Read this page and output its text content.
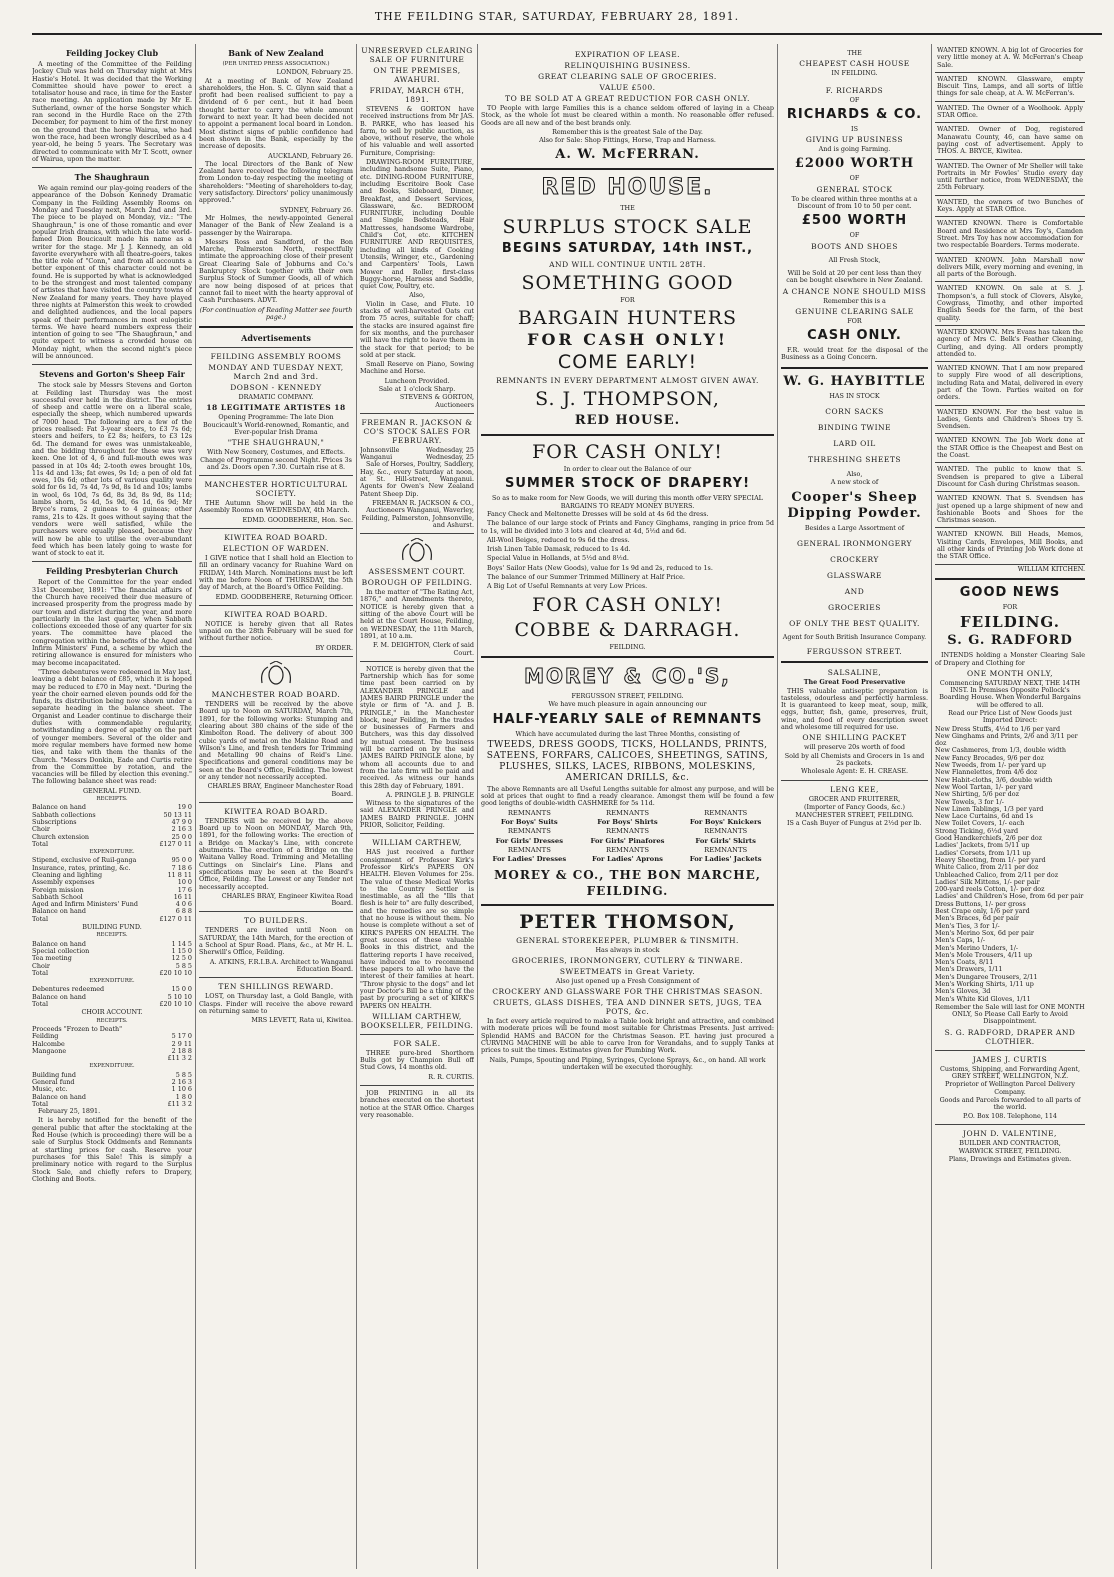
THE FEILDING STAR, SATURDAY, FEBRUARY 28, 1891.
Feilding Jockey Club
A meeting of the Committee of the Feilding Jockey Club was held on Thursday night at Mrs Hastie's Hotel. It was decided that the Working Committee should have power to erect a totalisator house and race, in time for the Easter race meeting. An application made by Mr E. Sutherland, owner of the horse Songster which ran second in the Hurdle Race on the 27th December, for payment to him of the first money on the ground that the horse Wairua, who had won the race, had been wrongly described as a 4 year-old, he being 5 years. The Secretary was directed to communicate with Mr T. Scott, owner of Wairua, upon the matter.
The Shaughraun
We again remind our play-going readers of the appearance of the Dobson Kennedy Dramatic Company in the Feilding Assembly Rooms on Monday and Tuesday next, March 2nd and 3rd. The piece to be played on Monday, viz.: "The Shaughraun," is one of those romantic and ever popular Irish dramas, with which the late world-famed Dion Boucicault made his name as a writer for the stage. Mr J. J. Kennedy, an old favorite everywhere with all theatre-goers, takes the title role of "Conn," and from all accounts a better exponent of this character could not be found. He is supported by what is acknowledged to be the strongest and most talented company of artistes that have visited the country towns of New Zealand for many years. They have played three nights at Palmerston this week to crowded and delighted audiences, and the local papers speak of their performances in most eulogistic terms. We have heard numbers express their intention of going to see "The Shaughraun," and quite expect to witness a crowded house on Monday night, when the second night's piece will be announced.
Stevens and Gorton's Sheep Fair
The stock sale by Messrs Stevens and Gorton at Feilding last Thursday was the most successful ever held in the district. The entries of sheep and cattle were on a liberal scale, especially the sheep, which numbered upwards of 7000 head. The following are a few of the prices realised: Fat 3-year steers, to £3 7s 6d; steers and heifers, to £2 8s; heifers, to £3 12s 6d. The demand for ewes was unmistakeable, and the bidding throughout for these was very keen. One lot of 4, 6 and full-mouth ewes was passed in at 10s 4d; 2-tooth ewes brought 10s, 11s 4d and 13s; fat ewes, 9s 1d; a pen of old fat ewes, 10s 6d; other lots of various quality were sold for 6s 1d, 7s 4d, 7s 9d, 8s 1d and 10s; lambs in wool, 6s 10d, 7s 6d, 8s 3d, 8s 9d, 8s 11d; lambs shorn, 5s 4d, 5s 9d, 6s 1d, 6s 9d; Mr Bryce's rams, 2 guineas to 4 guineas; other rams, 21s to 42s. It goes without saying that the vendors were well satisfied, while the purchasers were equally pleased, because they will now be able to utilise the over-abundant feed which has been lately going to waste for want of stock to eat it.
Feilding Presbyterian Church
Report of the Committee for the year ended 31st December, 1891: "The financial affairs of the Church have received their due measure of increased prosperity from the progress made by our town and district during the year, and more particularly in the last quarter, when Sabbath collections exceeded those of any quarter for six years. The committee have placed the congregation within the benefits of the Aged and Infirm Ministers' Fund, a scheme by which the retiring allowance is ensured for ministers who may become incapacitated.
"Three debentures were redeemed in May last, leaving a debt balance of £85, which it is hoped may be reduced to £70 in May next. "During the year the choir earned eleven pounds odd for the funds, its distribution being now shown under a separate heading in the balance sheet. The Organist and Leader continue to discharge their duties with commendable regularity, notwithstanding a degree of apathy on the part of younger members. Several of the older and more regular members have formed new home ties, and take with them the thanks of the Church. "Messrs Donkin, Eade and Curtis retire from the Committee by rotation, and the vacancies will be filled by election this evening." The following balance sheet was read:
GENERAL FUND.
RECEIPTS.
Balance on hand	19 0
Sabbath collections	50 13 11
Subscriptions	47 9 0
Choir	2 16 3
Church extension	25 0 0
Total	£127 0 11
EXPENDITURE.
Stipend, exclusive of Ruil-ganga	95 0 0
Insurance, rates, printing, &c.	7 18 6
Cleaning and lighting	11 8 11
Assembly expenses	10 0
Foreign mission	17 6
Sabbath School	16 11
Aged and Infirm Ministers' Fund	4 0 6
Balance on hand	6 8 8
Total	£127 0 11
BUILDING FUND.
RECEIPTS.
Balance on hand	1 14 5
Special collection	1 15 0
Tea meeting	12 5 0
Choir	5 8 5
Total	£20 10 10
EXPENDITURE.
Debentures redeemed	15 0 0
Balance on hand	5 10 10
Total	£20 10 10
CHOIR ACCOUNT.
RECEIPTS.
Proceeds "Frozen to Death"
Feilding	5 17 0
Halcombe	2 9 11
Mangaone	2 18 8
£11 3 2
EXPENDITURE.
Building fund	5 8 5
General fund	2 16 3
Music, etc.	1 10 6
Balance on hand	1 8 0
Total	£11 3 2
February 25, 1891.
It is hereby notified for the benefit of the general public that after the stocktaking at the Red House (which is proceeding) there will be a sale of Surplus Stock Oddments and Remnants at startling prices for cash. Reserve your purchases for this Sale! This is simply a preliminary notice with regard to the Surplus Stock Sale, and chiefly refers to Drapery, Clothing and Boots.
Bank of New Zealand
(PER UNITED PRESS ASSOCIATION.)
LONDON, February 25.
At a meeting of Bank of New Zealand shareholders, the Hon. S. C. Glynn said that a profit had been realised sufficient to pay a dividend of 6 per cent., but it had been thought better to carry the whole amount forward to next year. It had been decided not to appoint a permanent local board in London. Most distinct signs of public confidence had been shown in the Bank, especially by the increase of deposits.
AUCKLAND, February 26.
The local Directors of the Bank of New Zealand have received the following telegram from London to-day respecting the meeting of shareholders: "Meeting of shareholders to-day, very satisfactory. Directors' policy unanimously approved."
SYDNEY, February 26.
Mr Holmes, the newly-appointed General Manager of the Bank of New Zealand is a passenger by the Wairarapa.
Messrs Ross and Sandford, of the Bon Marche, Palmerston North, respectfully intimate the approaching close of their present Great Clearing Sale of Jobburns and Co.'s Bankruptcy Stock together with their own Surplus Stock of Summer Goods, all of which are now being disposed of at prices that cannot fail to meet with the hearty approval of Cash Purchasers. ADVT.
(For continuation of Reading Matter see fourth page.)
Advertisements
FEILDING ASSEMBLY ROOMS
MONDAY AND TUESDAY NEXT, March 2nd and 3rd.
DOBSON - KENNEDY
DRAMATIC COMPANY.
18 LEGITIMATE ARTISTES 18
Opening Programme: The late Dion Boucicault's World-renowned, Romantic, and Ever-popular Irish Drama
"THE SHAUGHRAUN,"
With New Scenery, Costumes, and Effects. Change of Programme second Night. Prices 3s and 2s. Doors open 7.30. Curtain rise at 8.
MANCHESTER HORTICULTURAL SOCIETY.
THE Autumn Show will be held in the Assembly Rooms on WEDNESDAY, 4th March.
EDMD. GOODBEHERE, Hon. Sec.
KIWITEA ROAD BOARD.
ELECTION OF WARDEN.
I GIVE notice that I shall hold an Election to fill an ordinary vacancy for Ruahine Ward on FRIDAY, 14th March. Nominations must be left with me before Noon of THURSDAY, the 5th day of March, at the Board's Office Feilding.
EDMD. GOODBEHERE, Returning Officer.
KIWITEA ROAD BOARD.
NOTICE is hereby given that all Rates unpaid on the 28th February will be sued for without further notice.
BY ORDER.
MANCHESTER ROAD BOARD.
TENDERS will be received by the above Board up to Noon on SATURDAY, March 7th, 1891, for the following works: Stumping and clearing about 380 chains of the side of the Kimbolton Road. The delivery of about 300 cubic yards of metal on the Makino Road and Wilson's Line, and fresh tenders for Trimming and Metalling 90 chains of Reid's Line. Specifications and general conditions may be seen at the Board's Office, Feilding. The lowest or any tender not necessarily accepted.
CHARLES BRAY, Engineer Manchester Road Board.
KIWITEA ROAD BOARD.
TENDERS will be received by the above Board up to Noon on MONDAY, March 9th, 1891, for the following works: The erection of a Bridge on Mackay's Line, with concrete abutments. The erection of a Bridge on the Waitana Valley Road. Trimming and Metalling Cuttings on Sinclair's Line. Plans and specifications may be seen at the Board's Office, Feilding. The Lowest or any Tender not necessarily accepted.
CHARLES BRAY, Engineer Kiwitea Road Board.
TO BUILDERS.
TENDERS are invited until Noon on SATURDAY, the 14th March, for the erection of a School at Spur Road. Plans, &c., at Mr H. L. Sherwill's Office, Feilding.
A. ATKINS, F.R.I.B.A. Architect to Wanganui Education Board.
TEN SHILLINGS REWARD.
LOST, on Thursday last, a Gold Bangle, with Clasps. Finder will receive the above reward on returning same to
MRS LEVETT, Rata ui, Kiwitea.
UNRESERVED CLEARING SALE OF FURNITURE
ON THE PREMISES, AWAHURI.
FRIDAY, MARCH 6TH, 1891.
STEVENS & GORTON have received instructions from Mr JAS. B. PARKE, who has leased his farm, to sell by public auction, as above, without reserve, the whole of his valuable and well assorted Furniture, Comprising:
DRAWING-ROOM FURNITURE, including handsome Suite, Piano, etc. DINING-ROOM FURNITURE, including Escritoire Book Case and Books, Sideboard, Dinner, Breakfast, and Dessert Services, Glassware, &c. BEDROOM FURNITURE, including Double and Single Bedsteads, Hair Mattresses, handsome Wardrobe, Child's Cot, etc. KITCHEN FURNITURE AND REQUISITES, including all kinds of Cooking Utensils, Wringer, etc., Gardening and Carpenters' Tools, Lawn Mower and Roller, first-class Buggy-horse, Harness and Saddle, quiet Cow, Poultry, etc.
Also,
Violin in Case, and Flute. 10 stacks of well-harvested Oats cut from 75 acres, suitable for chaff; the stacks are insured against fire for six months, and the purchaser will have the right to leave them in the stack for that period; to be sold at per stack.
Small Reserve on Piano, Sowing Machine and Horse.
Luncheon Provided.
Sale at 1 o'clock Sharp.
STEVENS & GORTON, Auctioneers
FREEMAN R. JACKSON & CO'S STOCK SALES FOR FEBRUARY.
Johnsonville	Wednesday, 25
Wanganui	Wednesday, 25
Sale of Horses, Poultry, Saddlery, Hay, &c., every Saturday at noon, at St. Hill-street, Wanganui. Agents for Owen's New Zealand Patent Sheep Dip.
FREEMAN R. JACKSON & CO., Auctioneers Wanganui, Waverley, Feilding, Palmerston, Johnsonville, and Ashurst.
ASSESSMENT COURT.
BOROUGH OF FEILDING.
In the matter of "The Rating Act, 1876," and Amendments thereto, NOTICE is hereby given that a sitting of the above Court will be held at the Court House, Feilding, on WEDNESDAY, the 11th March, 1891, at 10 a.m.
F. M. DEIGHTON, Clerk of said Court.
NOTICE is hereby given that the Partnership which has for some time past been carried on by ALEXANDER PRINGLE and JAMES BAIRD PRINGLE under the style or firm of "A. and J. B. PRINGLE," in the Manchester block, near Feilding, in the trades or businesses of Farmers and Butchers, was this day dissolved by mutual consent. The business will be carried on by the said JAMES BAIRD PRINGLE alone, by whom all accounts due to and from the late firm will be paid and received. As witness our hands this 28th day of February, 1891.
A. PRINGLE J. B. PRINGLE
Witness to the signatures of the said ALEXANDER PRINGLE and JAMES BAIRD PRINGLE. JOHN PRIOR, Solicitor, Feilding.
WILLIAM CARTHEW,
HAS just received a further consignment of Professor Kirk's Professor Kirk's PAPERS ON HEALTH. Eleven Volumes for 25s. The value of these Medical Works to the Country Settler is inestimable, as all the "Ills that flesh is heir to" are fully described, and the remedies are so simple that no house is without them. No house is complete without a set of KIRK'S PAPERS ON HEALTH. The great success of these valuable Books in this district, and the flattering reports I have received, have induced me to recommend these papers to all who have the interest of their families at heart. "Throw physic to the dogs" and let your Doctor's Bill be a thing of the past by procuring a set of KIRK'S PAPERS ON HEALTH.
WILLIAM CARTHEW, BOOKSELLER, FEILDING.
FOR SALE.
THREE pure-bred Shorthorn Bulls got by Champion Bull off Stud Cows, 14 months old.
R. R. CURTIS.
JOB PRINTING in all its branches executed on the shortest notice at the STAR Office. Charges very reasonable.
EXPIRATION OF LEASE.
RELINQUISHING BUSINESS.
GREAT CLEARING SALE OF GROCERIES.
VALUE £500.
TO BE SOLD AT A GREAT REDUCTION FOR CASH ONLY.
TO People with large Families this is a chance seldom offered of laying in a Cheap Stock, as the whole lot must be cleared within a month. No reasonable offer refused. Goods are all new and of the best brands only.
Remember this is the greatest Sale of the Day.
Also for Sale: Shop Fittings, Horse, Trap and Harness.
A. W. McFERRAN.
RED HOUSE.
THE
SURPLUS STOCK SALE
BEGINS SATURDAY, 14th INST.,
AND WILL CONTINUE UNTIL 28TH.
SOMETHING GOOD
FOR
BARGAIN HUNTERS
FOR CASH ONLY!
COME EARLY!
REMNANTS IN EVERY DEPARTMENT ALMOST GIVEN AWAY.
S. J. THOMPSON,
RED HOUSE.
FOR CASH ONLY!
In order to clear out the Balance of our
SUMMER STOCK OF DRAPERY!
So as to make room for New Goods, we will during this month offer VERY SPECIAL BARGAINS TO READY MONEY BUYERS.
Fancy Check and Meltonette Dresses will be sold at 4s 6d the dress.
The balance of our large stock of Prints and Fancy Ginghams, ranging in price from 5d to 1s, will be divided into 3 lots and cleared at 4d, 5½d and 6d.
All-Wool Beiges, reduced to 9s 6d the dress.
Irish Linen Table Damask, reduced to 1s 4d.
Special Value in Hollands, at 5½d and 8½d.
Boys' Sailor Hats (New Goods), value for 1s 9d and 2s, reduced to 1s.
The balance of our Summer Trimmed Millinery at Half Price.
A Big Lot of Useful Remnants at very Low Prices.
FOR CASH ONLY!
COBBE & DARRAGH.
FEILDING.
MOREY & CO.'S,
FERGUSSON STREET, FEILDING.
We have much pleasure in again announcing our
HALF-YEARLY SALE of REMNANTS
Which have accumulated during the last Three Months, consisting of
TWEEDS, DRESS GOODS, TICKS, HOLLANDS, PRINTS, SATEENS, FORFARS, CALICOES, SHEETINGS, SATINS, PLUSHES, SILKS, LACES, RIBBONS, MOLESKINS, AMERICAN DRILLS, &c.
The above Remnants are all Useful Lengths suitable for almost any purpose, and will be sold at prices that ought to find a ready clearance. Amongst them will be found a few good lengths of double-width CASHMERE for 5s 11d.
REMNANTS	REMNANTS	REMNANTS
For Boys' Suits	For Boys' Shirts	For Boys' Knickers
REMNANTS	REMNANTS	REMNANTS
For Girls' Dresses	For Girls' Pinafores	For Girls' Skirts
REMNANTS	REMNANTS	REMNANTS
For Ladies' Dresses	For Ladies' Aprons	For Ladies' Jackets
MOREY & CO., THE BON MARCHE, FEILDING.
PETER THOMSON,
GENERAL STOREKEEPER, PLUMBER & TINSMITH.
Has always in stock
GROCERIES, IRONMONGERY, CUTLERY & TINWARE.
SWEETMEATS in Great Variety.
Also just opened up a Fresh Consignment of
CROCKERY AND GLASSWARE FOR THE CHRISTMAS SEASON.
CRUETS, GLASS DISHES, TEA AND DINNER SETS, JUGS, TEA POTS, &c.
In fact every article required to make a Table look bright and attractive, and combined with moderate prices will be found most suitable for Christmas Presents. Just arrived: Splendid HAMS and BACON for the Christmas Season. P.T. having just procured a CURVING MACHINE will be able to carve Iron for Verandahs, and to supply Tanks at prices to suit the times. Estimates given for Plumbing Work.
Nails, Pumps, Spouting and Piping, Syringes, Cyclone Sprays, &c., on hand. All work undertaken will be executed thoroughly.
THE
CHEAPEST CASH HOUSE
IN FEILDING.
F. RICHARDS
OF
RICHARDS & CO.
IS
GIVING UP BUSINESS
And is going Farming.
£2000 WORTH
OF
GENERAL STOCK
To be cleared within three months at a Discount of from 10 to 50 per cent.
£500 WORTH
OF
BOOTS AND SHOES
All Fresh Stock,
Will be Sold at 20 per cent less than they can be bought elsewhere in New Zealand.
A CHANCE NONE SHOULD MISS
Remember this is a
GENUINE CLEARING SALE
FOR
CASH ONLY.
F.R. would treat for the disposal of the Business as a Going Concern.
W. G. HAYBITTLE
HAS IN STOCK
CORN SACKS
BINDING TWINE
LARD OIL
THRESHING SHEETS
Also,
A new stock of
Cooper's Sheep Dipping Powder.
Besides a Large Assortment of
GENERAL IRONMONGERY
CROCKERY
GLASSWARE
AND
GROCERIES
OF ONLY THE BEST QUALITY.
Agent for South British Insurance Company.
FERGUSSON STREET.
SALSALINE,
The Great Food Preservative
THIS valuable antiseptic preparation is tasteless, odourless and perfectly harmless. It is guaranteed to keep meat, soup, milk, eggs, butter, fish, game, preserves, fruit, wine, and food of every description sweet and wholesome till required for use.
ONE SHILLING PACKET
will preserve 20s worth of food
Sold by all Chemists and Grocers in 1s and 2s packets.
Wholesale Agent: E. H. CREASE.
LENG KEE,
GROCER AND FRUITERER,
(Importer of Fancy Goods, &c.)
MANCHESTER STREET, FEILDING.
IS a Cash Buyer of Fungus at 2½d per lb.
WANTED KNOWN. A big lot of Groceries for very little money at A. W. McFerran's Cheap Sale.
WANTED KNOWN. Glassware, empty Biscuit Tins, Lamps, and all sorts of little things for sale cheap, at A. W. McFerran's.
WANTED. The Owner of a Woolhook. Apply STAR Office.
WANTED. Owner of Dog, registered Manawatu County, 46, can have same on paying cost of advertisement. Apply to THOS. A. BRYCE, Kiwitea.
WANTED. The Owner of Mr Sheller will take Portraits in Mr Fowles' Studio every day until further notice, from WEDNESDAY, the 25th February.
WANTED, the owners of two Bunches of Keys. Apply at STAR Office.
WANTED KNOWN. There is Comfortable Board and Residence at Mrs Toy's, Camden Street. Mrs Toy has now accommodation for two respectable Boarders. Terms moderate.
WANTED KNOWN. John Marshall now delivers Milk, every morning and evening, in all parts of the Borough.
WANTED KNOWN. On sale at S. J. Thompson's, a full stock of Clovers, Alsyke, Cowgrass, Timothy, and other imported English Seeds for the farm, of the best quality.
WANTED KNOWN. Mrs Evans has taken the agency of Mrs C. Belk's Feather Cleaning, Curling, and dying. All orders promptly attended to.
WANTED KNOWN. That I am now prepared to supply Fire wood of all descriptions, including Rata and Matai, delivered in every part of the Town. Parties waited on for orders.
WANTED KNOWN. For the best value in Ladies, Gents and Children's Shoes try S. Svendsen.
WANTED KNOWN. The Job Work done at the STAR Office is the Cheapest and Best on the Coast.
WANTED. The public to know that S. Svendsen is prepared to give a Liberal Discount for Cash during Christmas season.
WANTED KNOWN. That S. Svendsen has just opened up a large shipment of new and fashionable Boots and Shoes for the Christmas season.
WANTED KNOWN. Bill Heads, Memos, Visiting Cards, Envelopes, Mill Books, and all other kinds of Printing Job Work done at the STAR Office.
WILLIAM KITCHEN.
GOOD NEWS
FOR
FEILDING.
S. G. RADFORD
INTENDS holding a Monster Clearing Sale of Drapery and Clothing for
ONE MONTH ONLY,
Commencing SATURDAY NEXT, THE 14TH INST. In Premises Opposite Pollock's Boarding House. When Wonderful Bargains will be offered to all.
Read our Price List of New Goods just Imported Direct:
New Dress Stuffs, 4½d to 1/6 per yard
New Ginghams and Prints, 2/6 and 3/11 per doz
New Cashmeres, from 1/3, double width
New Fancy Brocades, 9/6 per doz
New Tweeds, from 1/- per yard up
New Flannelettes, from 4/6 doz
New Habit-cloths, 3/6, double width
New Wool Tartan, 1/- per yard
New Shirting, 5/6 per doz
New Towels, 3 for 1/-
New Linen Tablings, 1/3 per yard
New Lace Curtains, 6d and 1s
New Toilet Covers, 1/- each
Strong Ticking, 6½d yard
Good Handkerchiefs, 2/6 per doz
Ladies' Jackets, from 5/11 up
Ladies' Corsets, from 1/11 up
Heavy Sheeting, from 1/- per yard
White Calico, from 2/11 per doz
Unbleached Calico, from 2/11 per doz
Ladies' Silk Mittens, 1/- per pair
200-yard reels Cotton, 1/- per doz
Ladies' and Children's Hose, from 6d per pair
Dress Buttons, 1/- per gross
Best Crape only, 1/6 per yard
Men's Braces, 6d per pair
Men's Ties, 3 for 1/-
Men's Merino Sox, 6d per pair
Men's Caps, 1/-
Men's Merino Unders, 1/-
Men's Mole Trousers, 4/11 up
Men's Coats, 8/11
Men's Drawers, 1/11
Men's Dungaree Trousers, 2/11
Men's Working Shirts, 1/11 up
Men's Gloves, 3d
Men's White Kid Gloves, 1/11
Remember the Sale will last for ONE MONTH ONLY, So Please Call Early to Avoid Disappointment.
S. G. RADFORD, DRAPER AND CLOTHIER.
JAMES J. CURTIS
Customs, Shipping, and Forwarding Agent, GREY STREET, WELLINGTON, N.Z.
Proprietor of Wellington Parcel Delivery Company.
Goods and Parcels forwarded to all parts of the world.
P.O. Box 108. Telephone, 114
JOHN D. VALENTINE,
BUILDER AND CONTRACTOR,
WARWICK STREET, FEILDING.
Plans, Drawings and Estimates given.
